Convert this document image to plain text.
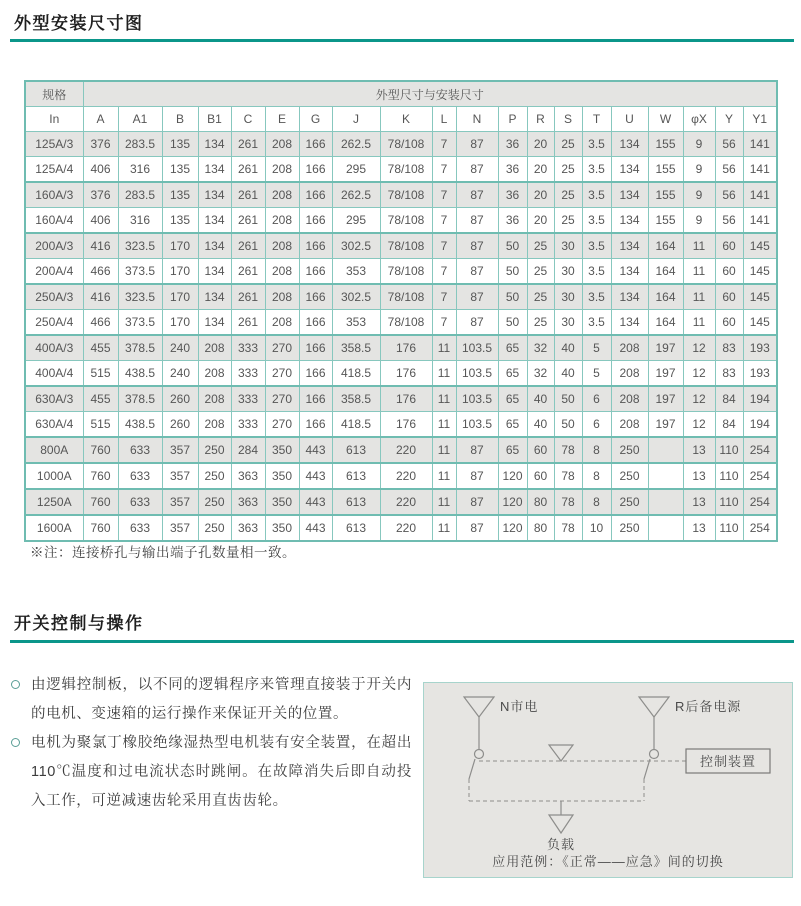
外型安装尺寸图
规格	外型尺寸与安装尺寸																			
In	A	A1	B	B1	C	E	G	J	K	L	N	P	R	S	T	U	W	φX	Y	Y1
125A/3	376	283.5	135	134	261	208	166	262.5	78/108	7	87	36	20	25	3.5	134	155	9	56	141
125A/4	406	316	135	134	261	208	166	295	78/108	7	87	36	20	25	3.5	134	155	9	56	141
160A/3	376	283.5	135	134	261	208	166	262.5	78/108	7	87	36	20	25	3.5	134	155	9	56	141
160A/4	406	316	135	134	261	208	166	295	78/108	7	87	36	20	25	3.5	134	155	9	56	141
200A/3	416	323.5	170	134	261	208	166	302.5	78/108	7	87	50	25	30	3.5	134	164	11	60	145
200A/4	466	373.5	170	134	261	208	166	353	78/108	7	87	50	25	30	3.5	134	164	11	60	145
250A/3	416	323.5	170	134	261	208	166	302.5	78/108	7	87	50	25	30	3.5	134	164	11	60	145
250A/4	466	373.5	170	134	261	208	166	353	78/108	7	87	50	25	30	3.5	134	164	11	60	145
400A/3	455	378.5	240	208	333	270	166	358.5	176	11	103.5	65	32	40	5	208	197	12	83	193
400A/4	515	438.5	240	208	333	270	166	418.5	176	11	103.5	65	32	40	5	208	197	12	83	193
630A/3	455	378.5	260	208	333	270	166	358.5	176	11	103.5	65	40	50	6	208	197	12	84	194
630A/4	515	438.5	260	208	333	270	166	418.5	176	11	103.5	65	40	50	6	208	197	12	84	194
800A	760	633	357	250	284	350	443	613	220	11	87	65	60	78	8	250		13	110	254
1000A	760	633	357	250	363	350	443	613	220	11	87	120	60	78	8	250		13	110	254
1250A	760	633	357	250	363	350	443	613	220	11	87	120	80	78	8	250		13	110	254
1600A	760	633	357	250	363	350	443	613	220	11	87	120	80	78	10	250		13	110	254
※注：连接桥孔与输出端子孔数量相一致。
开关控制与操作
由逻辑控制板，以不同的逻辑程序来管理直接装于开关内的电机、变速箱的运行操作来保证开关的位置。
电机为聚氯丁橡胶绝缘湿热型电机装有安全装置，在超出110℃温度和过电流状态时跳闸。在故障消失后即自动投入工作，可逆减速齿轮采用直齿齿轮。
N市电	R后备电源
负载
控制装置
应用范例：《正常——应急》间的切换
